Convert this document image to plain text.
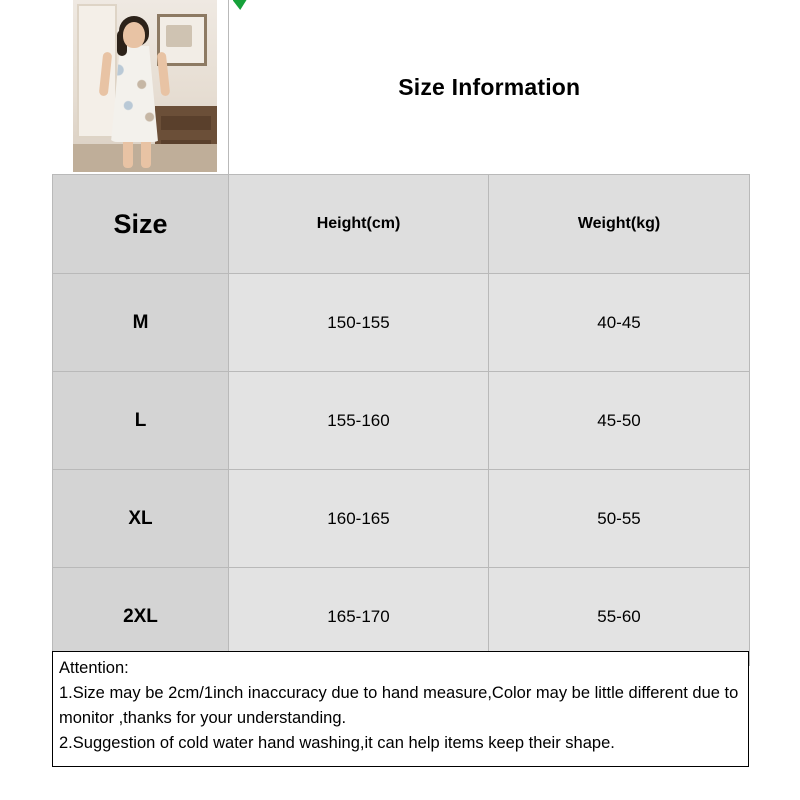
	Size Information	
Size	Height(cm)	Weight(kg)
M	150-155	40-45
L	155-160	45-50
XL	160-165	50-55
2XL	165-170	55-60

Attention:

1.Size may be 2cm/1inch inaccuracy due to hand measure,Color may be little different due to monitor ,thanks for your understanding.

2.Suggestion of cold water hand washing,it can help items keep their shape.
